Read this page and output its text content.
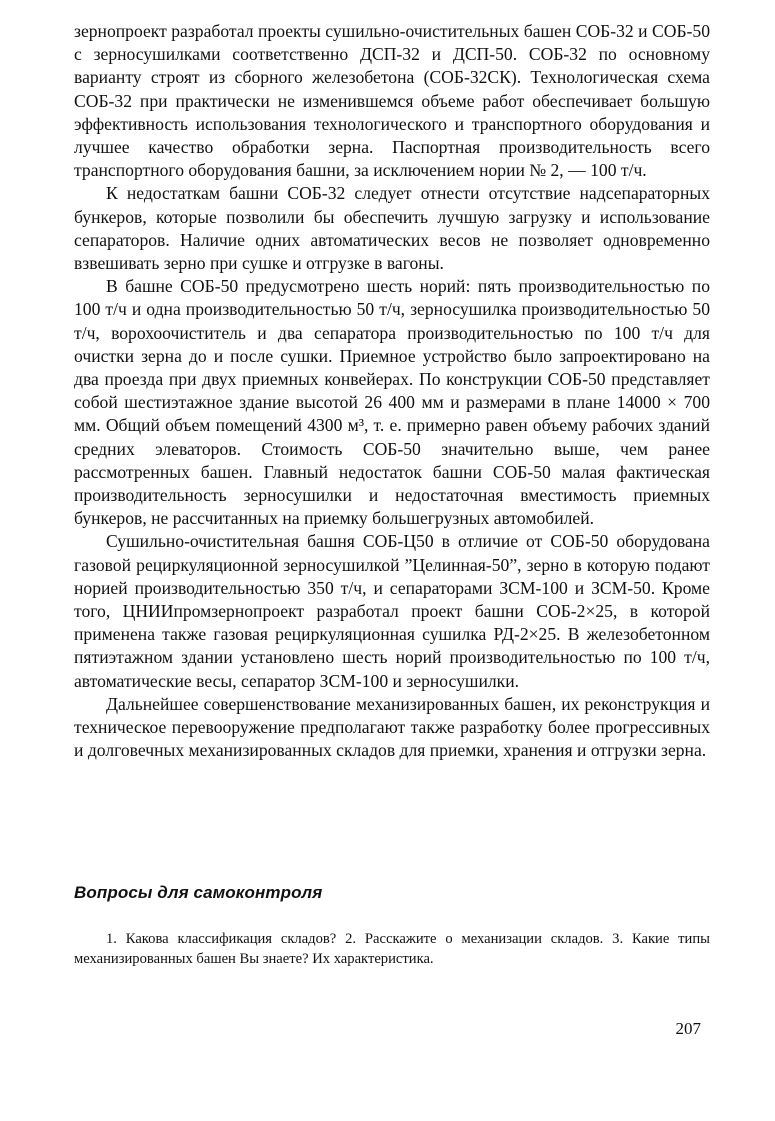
зернопроект разработал проекты сушильно-очистительных башен СОБ-32 и СОБ-50 с зерносушилками соответственно ДСП-32 и ДСП-50. СОБ-32 по основному варианту строят из сборного железобетона (СОБ-32СК). Технологическая схема СОБ-32 при практически не изменившемся объеме работ обеспечивает большую эффективность использования технологического и транспортного оборудования и лучшее качество обработки зерна. Паспортная производительность всего транспортного оборудования башни, за исключением нории № 2, — 100 т/ч.

К недостаткам башни СОБ-32 следует отнести отсутствие надсепараторных бункеров, которые позволили бы обеспечить лучшую загрузку и использование сепараторов. Наличие одних автоматических весов не позволяет одновременно взвешивать зерно при сушке и отгрузке в вагоны.

В башне СОБ-50 предусмотрено шесть норий: пять производительностью по 100 т/ч и одна производительностью 50 т/ч, зерносушилка производительностью 50 т/ч, ворохоочиститель и два сепаратора производительностью по 100 т/ч для очистки зерна до и после сушки. Приемное устройство было запроектировано на два проезда при двух приемных конвейерах. По конструкции СОБ-50 представляет собой шестиэтажное здание высотой 26 400 мм и размерами в плане 14000 × 700 мм. Общий объем помещений 4300 м³, т. е. примерно равен объему рабочих зданий средних элеваторов. Стоимость СОБ-50 значительно выше, чем ранее рассмотренных башен. Главный недостаток башни СОБ-50 малая фактическая производительность зерносушилки и недостаточная вместимость приемных бункеров, не рассчитанных на приемку большегрузных автомобилей.

Сушильно-очистительная башня СОБ-Ц50 в отличие от СОБ-50 оборудована газовой рециркуляционной зерносушилкой ”Целинная-50”, зерно в которую подают норией производительностью 350 т/ч, и сепараторами ЗСМ-100 и ЗСМ-50. Кроме того, ЦНИИпромзернопроект разработал проект башни СОБ-2×25, в которой применена также газовая рециркуляционная сушилка РД-2×25. В железобетонном пятиэтажном здании установлено шесть норий производительностью по 100 т/ч, автоматические весы, сепаратор ЗСМ-100 и зерносушилки.

Дальнейшее совершенствование механизированных башен, их реконструкция и техническое перевооружение предполагают также разработку более прогрессивных и долговечных механизированных складов для приемки, хранения и отгрузки зерна.

Вопросы для самоконтроля

1. Какова классификация складов? 2. Расскажите о механизации складов. 3. Какие типы механизированных башен Вы знаете? Их характеристика.

207
